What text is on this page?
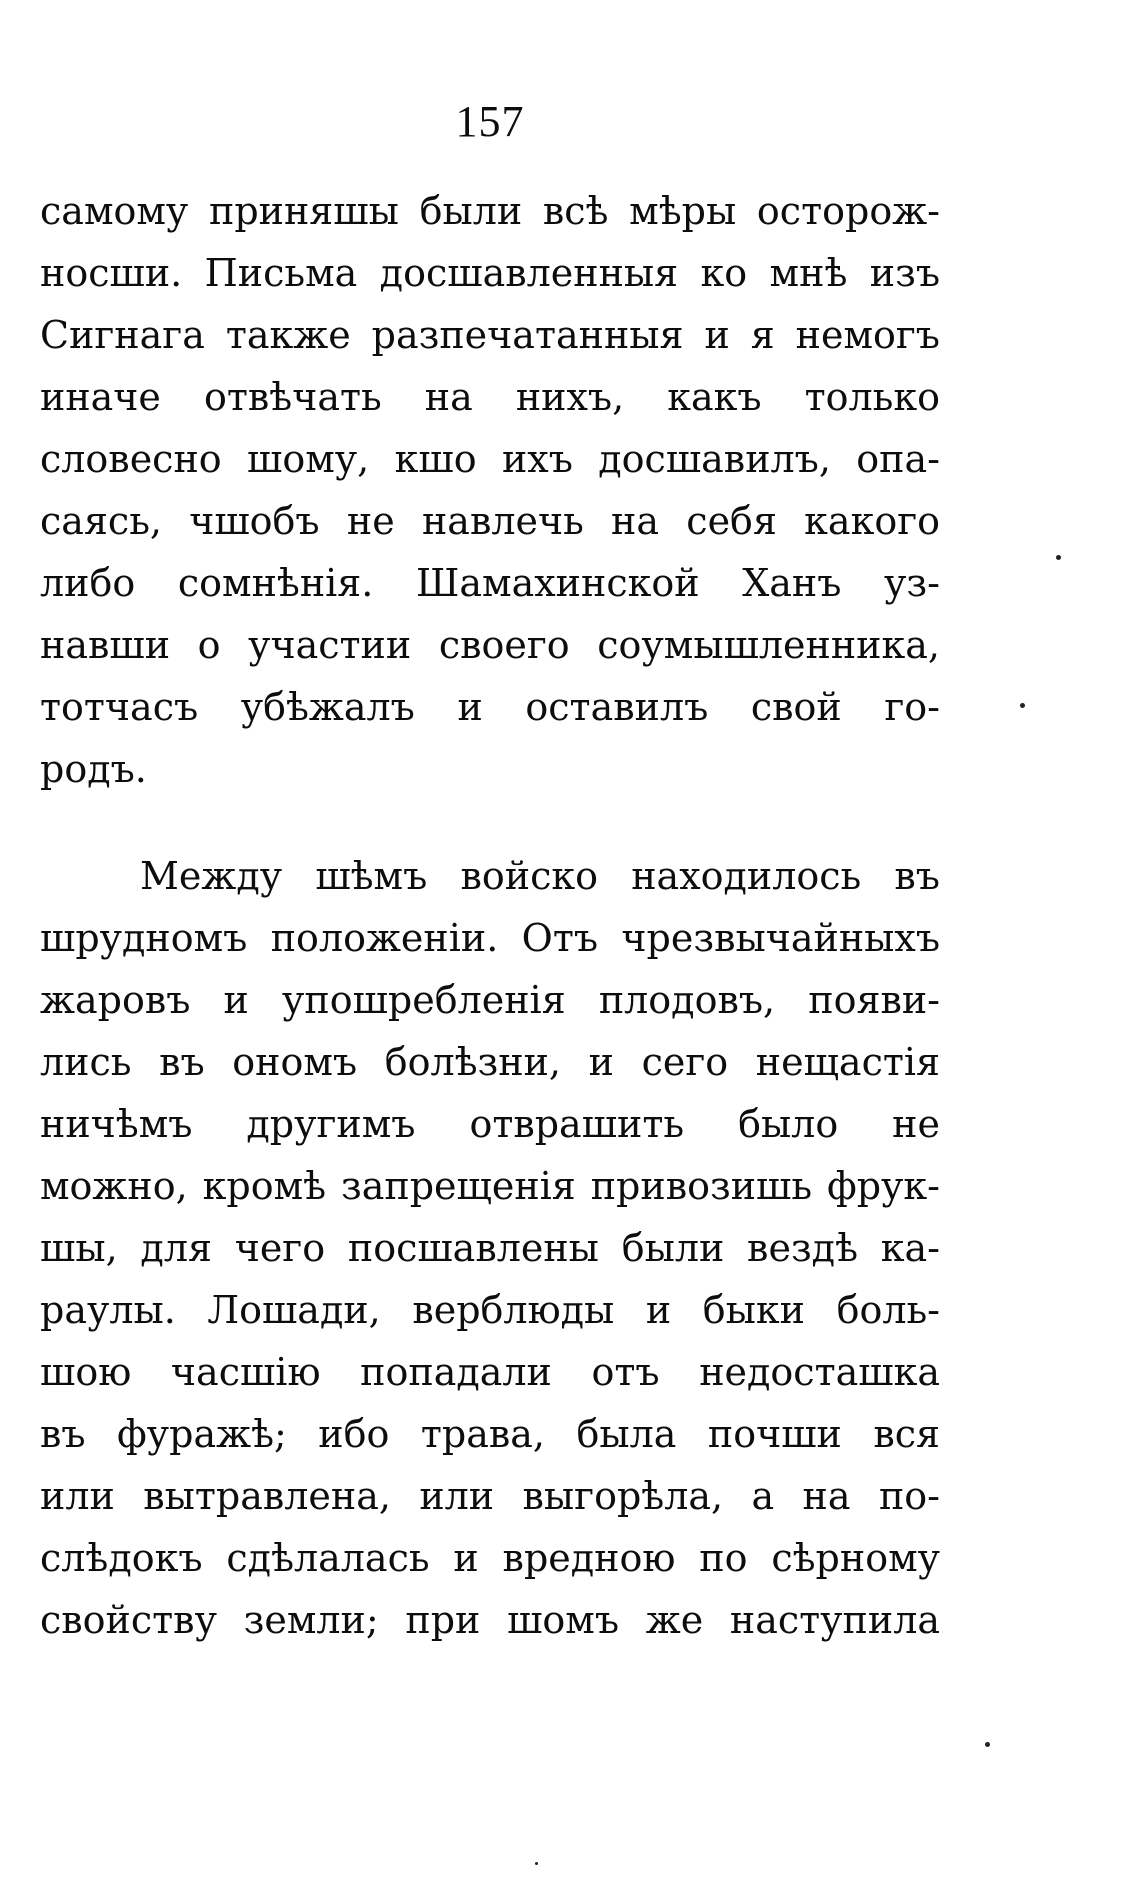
157
самому приняшы были всѣ мѣры осторож-
носши. Письма досшавленныя ко мнѣ изъ
Сигнага также разпечатанныя и я немогъ
иначе отвѣчать на нихъ, какъ только
словесно шому, кшо ихъ досшавилъ, опа-
саясь, чшобъ не навлечь на себя какого
либо сомнѣнія. Шамахинской Ханъ уз-
навши о участии своего соумышленника,
тотчасъ убѣжалъ и оставилъ свой го-
родъ.
Между шѣмъ войско находилось въ
шрудномъ положеніи. Отъ чрезвычайныхъ
жаровъ и упошребленія плодовъ, появи-
лись въ ономъ болѣзни, и сего нещастія
ничѣмъ другимъ отврашить было не
можно, кромѣ запрещенія привозишь фрук-
шы, для чего посшавлены были вездѣ ка-
раулы. Лошади, верблюды и быки боль-
шою часшію попадали отъ недосташка
въ фуражѣ; ибо трава, была почши вся
или вытравлена, или выгорѣла, а на по-
слѣдокъ сдѣлалась и вредною по сѣрному
свойству земли; при шомъ же наступила
